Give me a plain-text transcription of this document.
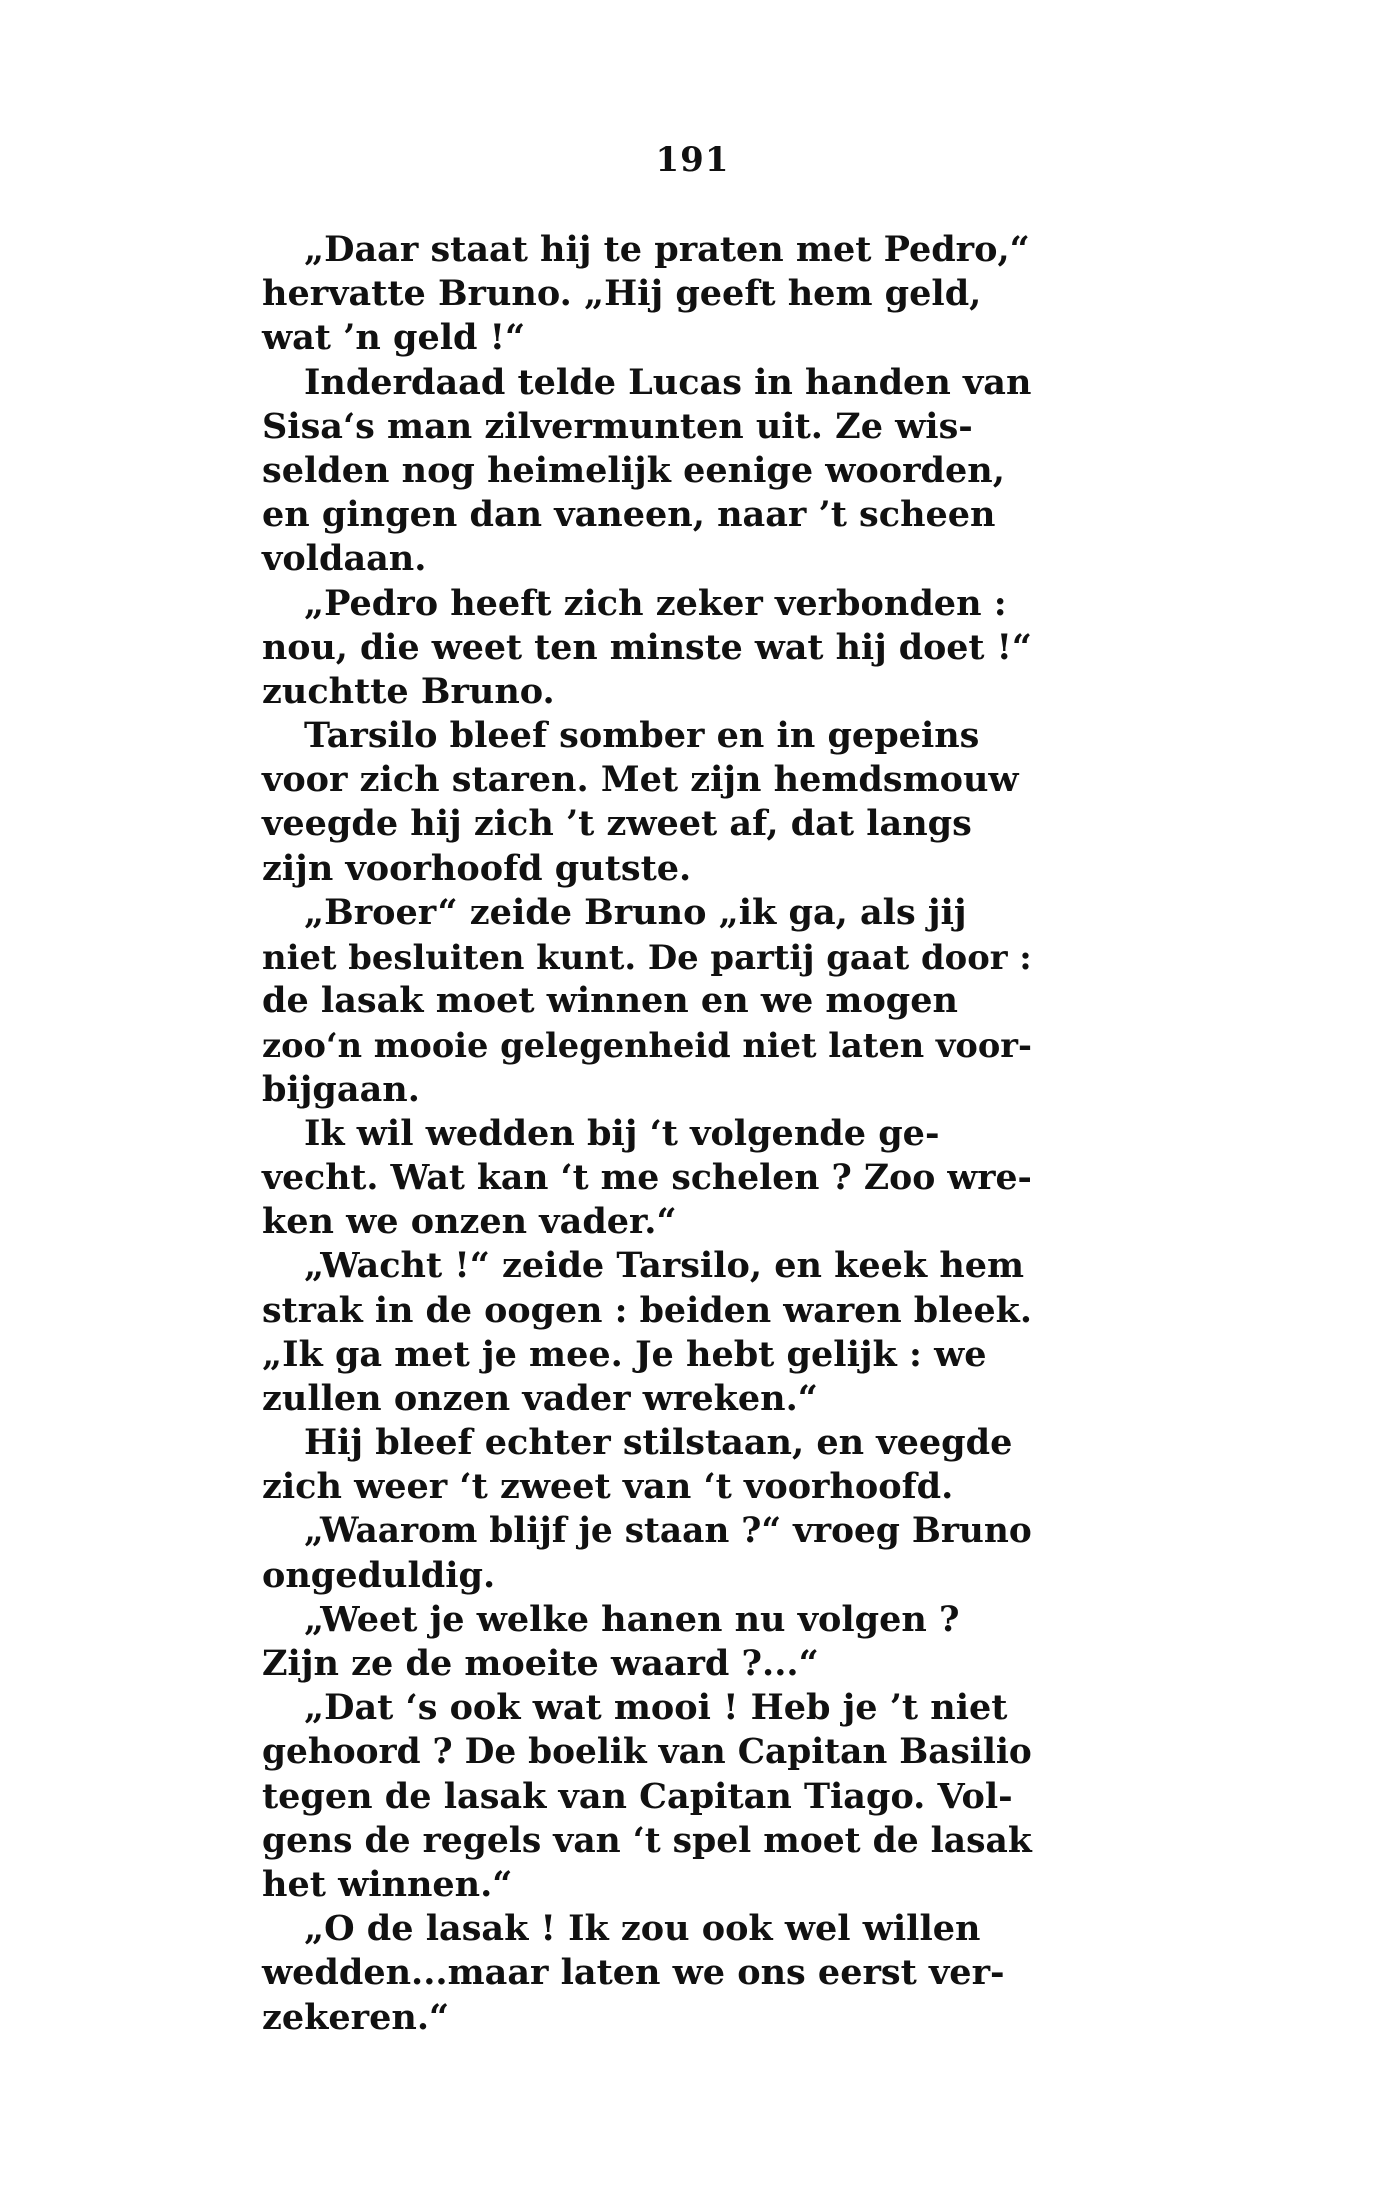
191
„Daar staat hij te praten met Pedro,“
hervatte Bruno. „Hij geeft hem geld,
wat ’n geld !“
Inderdaad telde Lucas in handen van
Sisa‘s man zilvermunten uit. Ze wis-
selden nog heimelijk eenige woorden,
en gingen dan vaneen, naar ’t scheen
voldaan.
„Pedro heeft zich zeker verbonden :
nou, die weet ten minste wat hij doet !“
zuchtte Bruno.
Tarsilo bleef somber en in gepeins
voor zich staren. Met zijn hemdsmouw
veegde hij zich ’t zweet af, dat langs
zijn voorhoofd gutste.
„Broer“ zeide Bruno „ik ga, als jij
niet besluiten kunt. De partij gaat door :
de lasak moet winnen en we mogen
zoo‘n mooie gelegenheid niet laten voor-
bijgaan.
Ik wil wedden bij ‘t volgende ge-
vecht. Wat kan ‘t me schelen ? Zoo wre-
ken we onzen vader.“
„Wacht !“ zeide Tarsilo, en keek hem
strak in de oogen : beiden waren bleek.
„Ik ga met je mee. Je hebt gelijk : we
zullen onzen vader wreken.“
Hij bleef echter stilstaan, en veegde
zich weer ‘t zweet van ‘t voorhoofd.
„Waarom blijf je staan ?“ vroeg Bruno
ongeduldig.
„Weet je welke hanen nu volgen ?
Zijn ze de moeite waard ?...“
„Dat ‘s ook wat mooi ! Heb je ’t niet
gehoord ? De boelik van Capitan Basilio
tegen de lasak van Capitan Tiago. Vol-
gens de regels van ‘t spel moet de lasak
het winnen.“
„O de lasak ! Ik zou ook wel willen
wedden...maar laten we ons eerst ver-
zekeren.“
